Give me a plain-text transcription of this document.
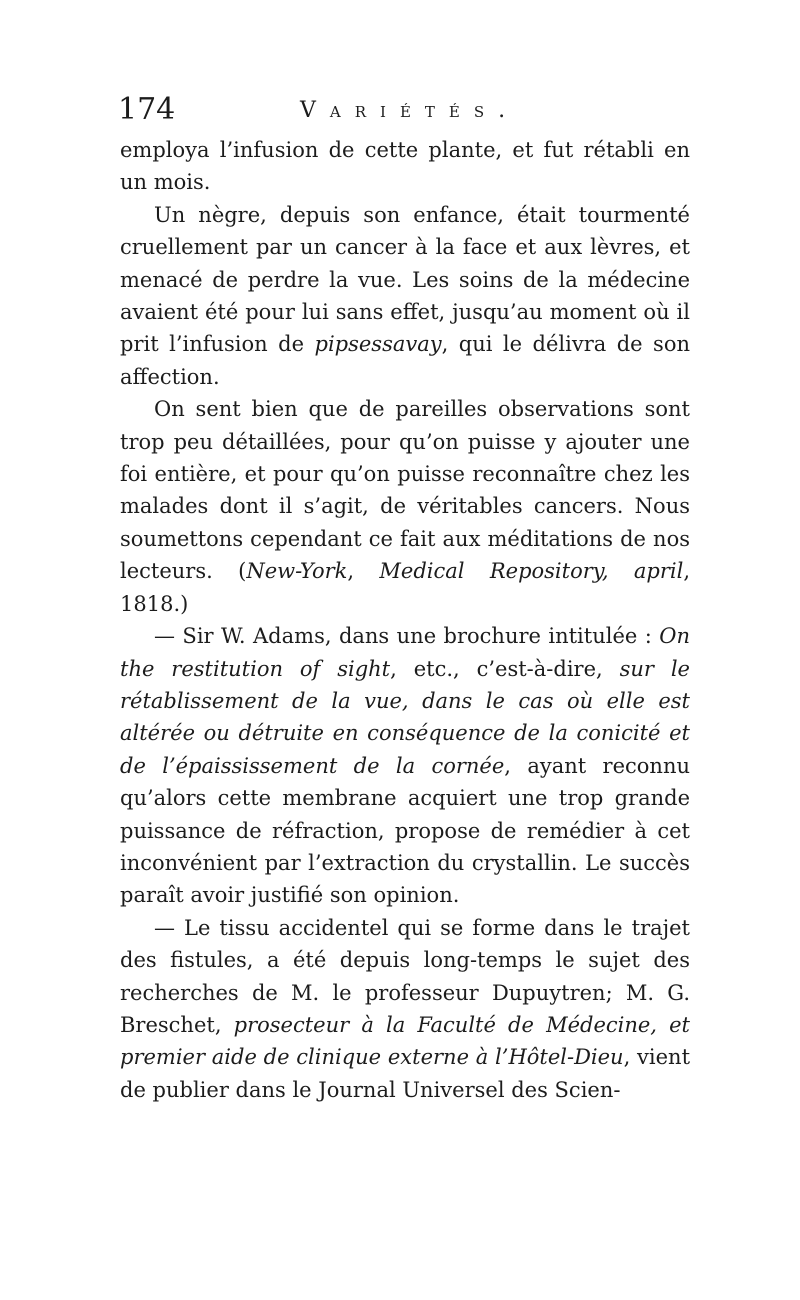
174	Variétés.

employa l’infusion de cette plante, et fut rétabli en un mois.

Un nègre, depuis son enfance, était tourmenté cruellement par un cancer à la face et aux lèvres, et menacé de perdre la vue. Les soins de la médecine avaient été pour lui sans effet, jusqu’au moment où il prit l’infusion de pipsessavay, qui le délivra de son affection.

On sent bien que de pareilles observations sont trop peu détaillées, pour qu’on puisse y ajouter une foi entière, et pour qu’on puisse reconnaître chez les malades dont il s’agit, de véritables cancers. Nous soumettons cependant ce fait aux méditations de nos lecteurs. (New-York, Medical Repository, april, 1818.)

— Sir W. Adams, dans une brochure intitulée : On the restitution of sight, etc., c’est-à-dire, sur le rétablissement de la vue, dans le cas où elle est altérée ou détruite en conséquence de la conicité et de l’épaississement de la cornée, ayant reconnu qu’alors cette membrane acquiert une trop grande puissance de réfraction, propose de remédier à cet inconvénient par l’extraction du crystallin. Le succès paraît avoir justifié son opinion.

— Le tissu accidentel qui se forme dans le trajet des fistules, a été depuis long-temps le sujet des recherches de M. le professeur Dupuytren; M. G. Breschet, prosecteur à la Faculté de Médecine, et premier aide de clinique externe à l’Hôtel-Dieu, vient de publier dans le Journal Universel des Scien-
